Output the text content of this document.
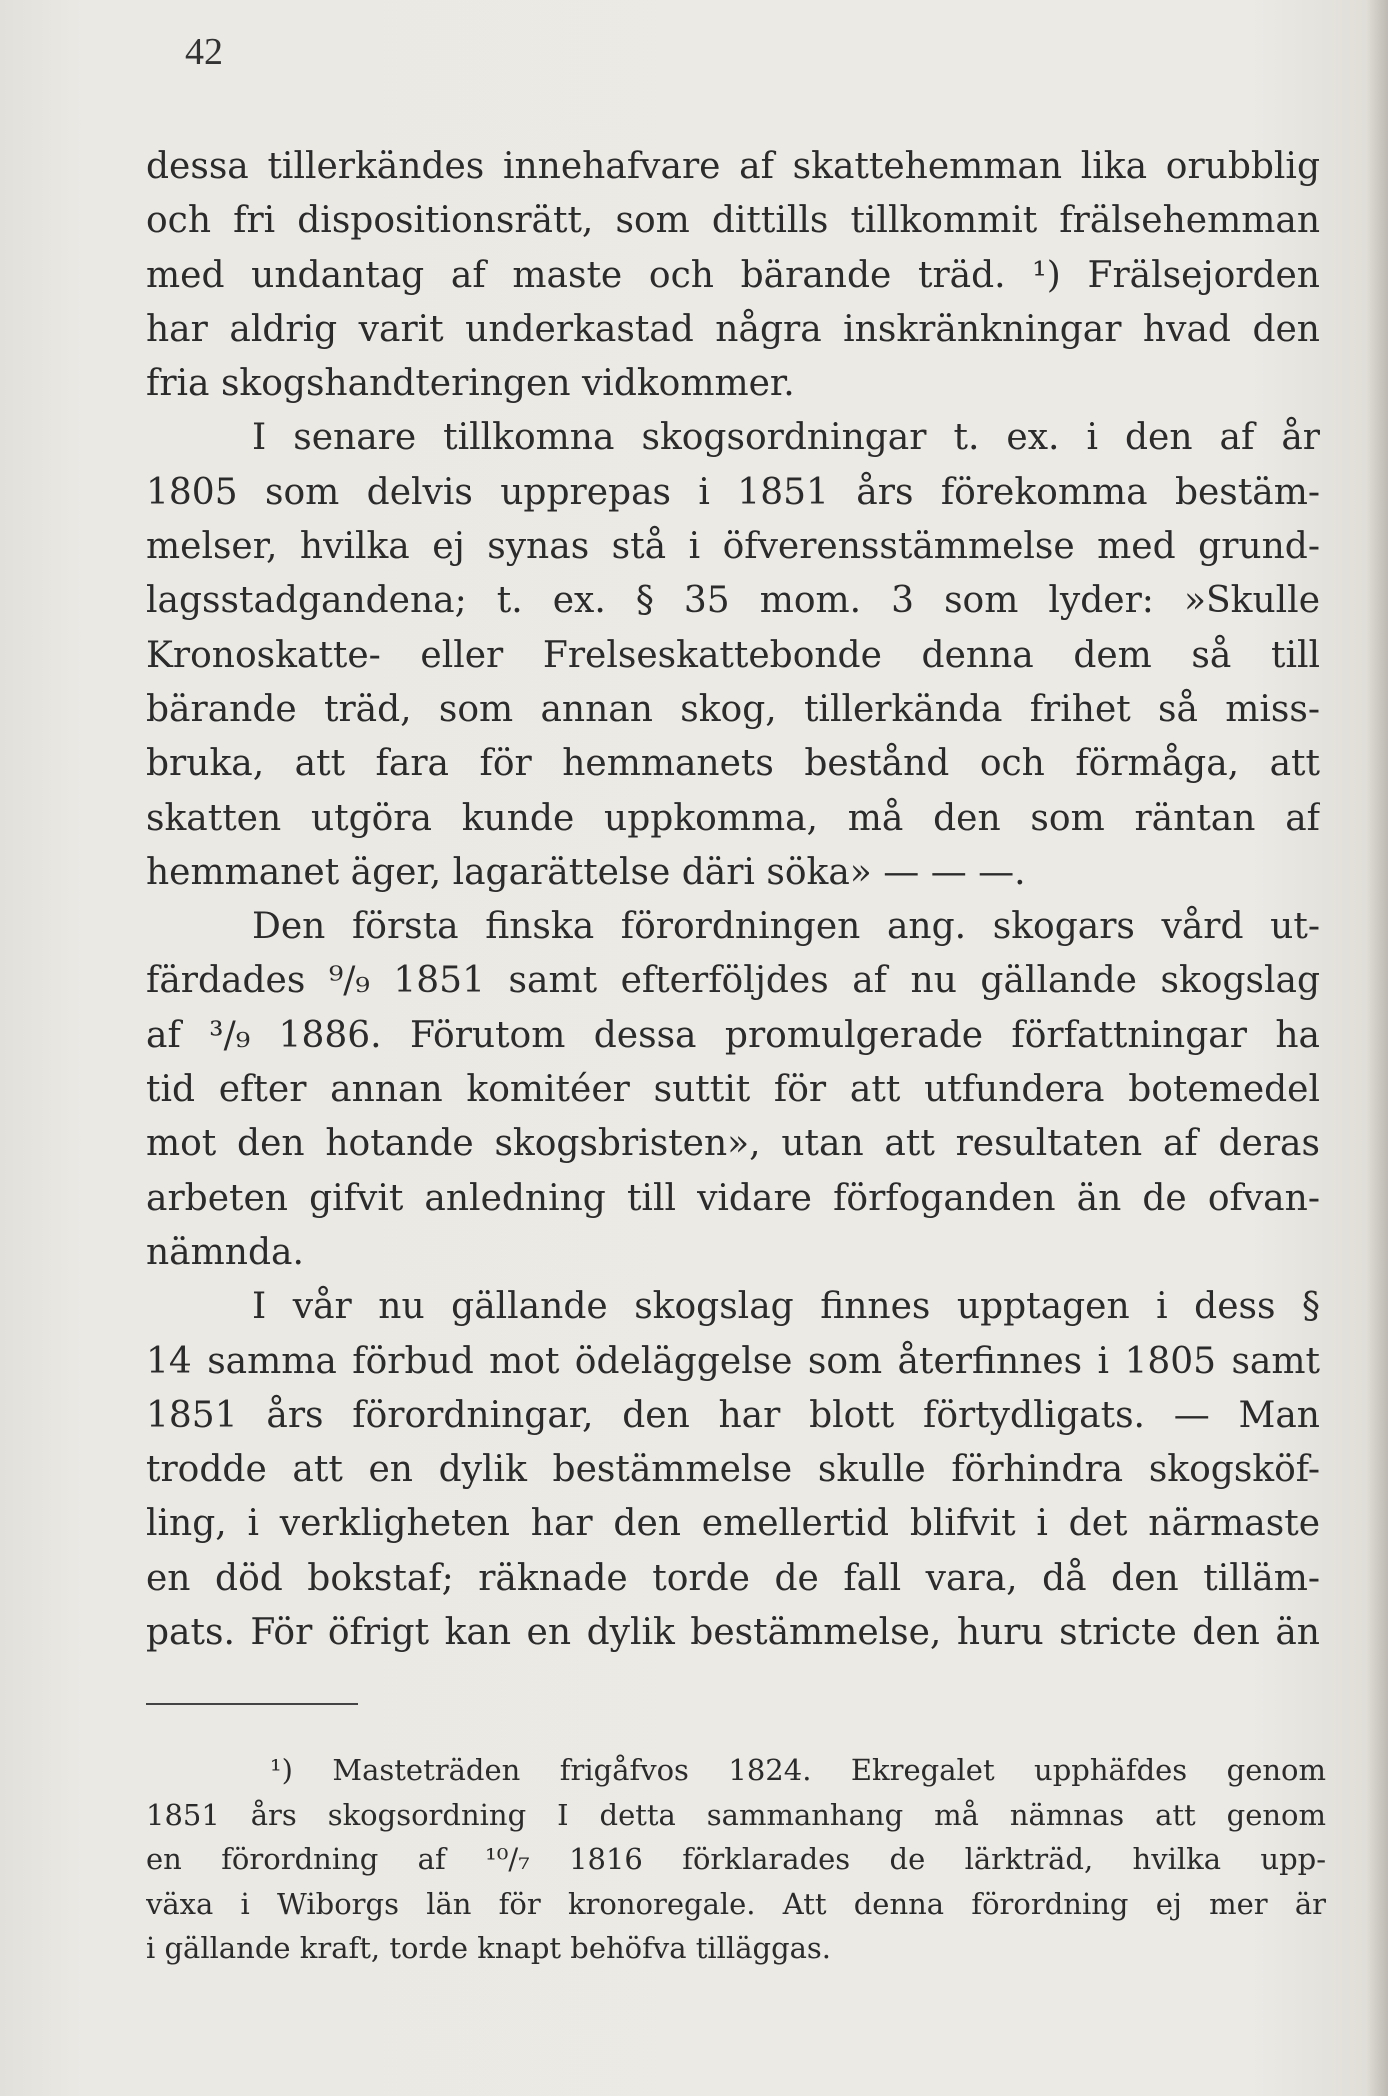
42
dessa tillerkändes innehafvare af skattehemman lika orubblig
och fri dispositionsrätt, som dittills tillkommit frälsehemman
med undantag af maste och bärande träd. ¹) Frälsejorden
har aldrig varit underkastad några inskränkningar hvad den
fria skogshandteringen vidkommer.
I senare tillkomna skogsordningar t. ex. i den af år
1805 som delvis upprepas i 1851 års förekomma bestäm-
melser, hvilka ej synas stå i öfverensstämmelse med grund-
lagsstadgandena; t. ex. § 35 mom. 3 som lyder: »Skulle
Kronoskatte- eller Frelseskattebonde denna dem så till
bärande träd, som annan skog, tillerkända frihet så miss-
bruka, att fara för hemmanets bestånd och förmåga, att
skatten utgöra kunde uppkomma, må den som räntan af
hemmanet äger, lagarättelse däri söka» — — —.
Den första finska förordningen ang. skogars vård ut-
färdades ⁹/₉ 1851 samt efterföljdes af nu gällande skogslag
af ³/₉ 1886. Förutom dessa promulgerade författningar ha
tid efter annan komitéer suttit för att utfundera botemedel
mot den hotande skogsbristen», utan att resultaten af deras
arbeten gifvit anledning till vidare förfoganden än de ofvan-
nämnda.
I vår nu gällande skogslag finnes upptagen i dess §
14 samma förbud mot ödeläggelse som återfinnes i 1805 samt
1851 års förordningar, den har blott förtydligats. — Man
trodde att en dylik bestämmelse skulle förhindra skogsköf-
ling, i verkligheten har den emellertid blifvit i det närmaste
en död bokstaf; räknade torde de fall vara, då den tilläm-
pats. För öfrigt kan en dylik bestämmelse, huru stricte den än
¹) Masteträden frigåfvos 1824. Ekregalet upphäfdes genom
1851 års skogsordning I detta sammanhang må nämnas att genom
en förordning af ¹⁰/₇ 1816 förklarades de lärkträd, hvilka upp-
växa i Wiborgs län för kronoregale. Att denna förordning ej mer är
i gällande kraft, torde knapt behöfva tilläggas.
